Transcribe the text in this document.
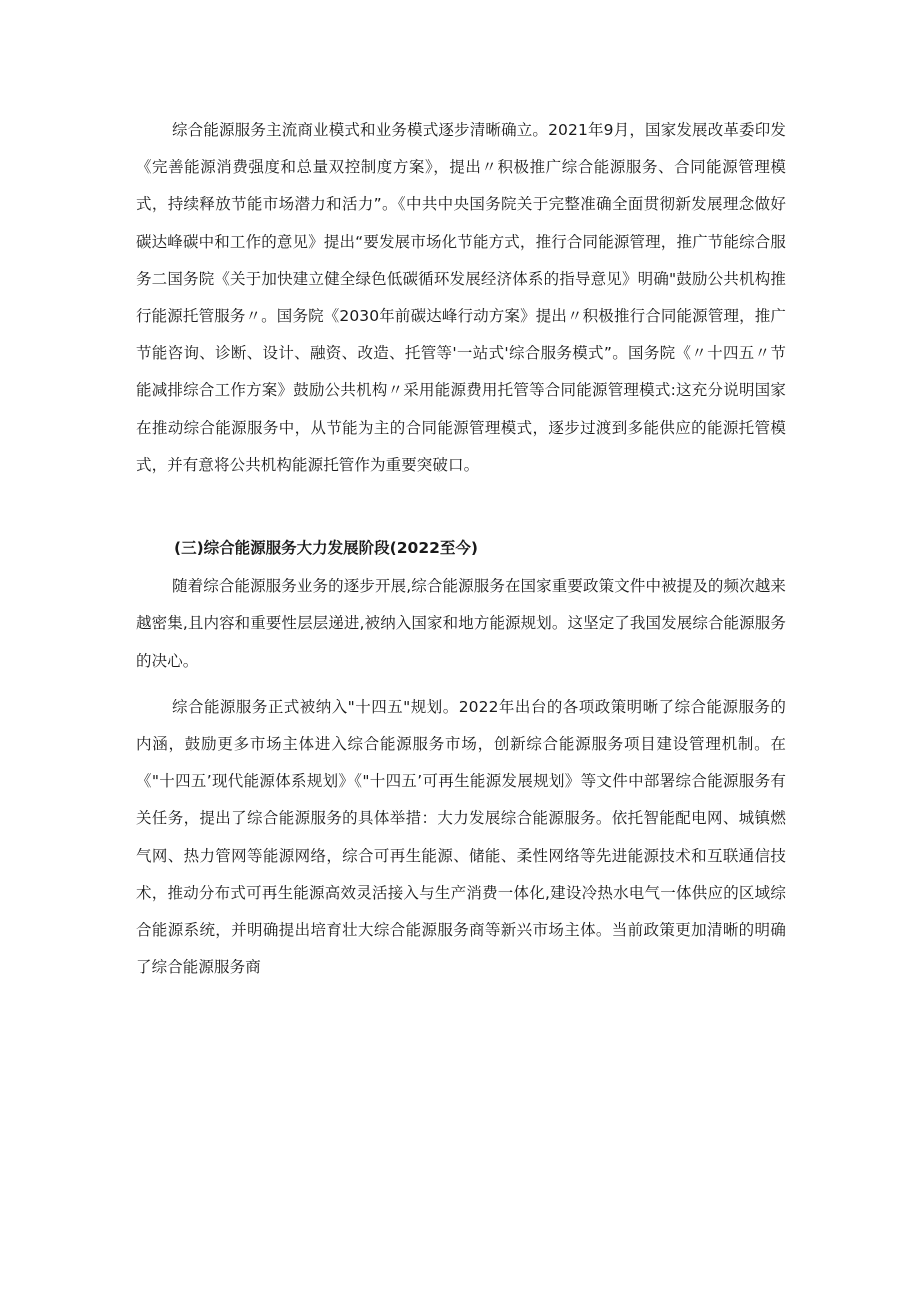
综合能源服务主流商业模式和业务模式逐步清晰确立。2021年9月，国家发展改革委印发《完善能源消费强度和总量双控制度方案》，提出〃积极推广综合能源服务、合同能源管理模式，持续释放节能市场潜力和活力”。《中共中央国务院关于完整准确全面贯彻新发展理念做好碳达峰碳中和工作的意见》提出“要发展市场化节能方式，推行合同能源管理，推广节能综合服务二国务院《关于加快建立健全绿色低碳循环发展经济体系的指导意见》明确"鼓励公共机构推行能源托管服务〃。国务院《2030年前碳达峰行动方案》提出〃积极推行合同能源管理，推广节能咨询、诊断、设计、融资、改造、托管等'一站式'综合服务模式”。国务院《〃十四五〃节能减排综合工作方案》鼓励公共机构〃采用能源费用托管等合同能源管理模式:这充分说明国家在推动综合能源服务中，从节能为主的合同能源管理模式，逐步过渡到多能供应的能源托管模式，并有意将公共机构能源托管作为重要突破口。

(三)综合能源服务大力发展阶段(2022至今)

随着综合能源服务业务的逐步开展,综合能源服务在国家重要政策文件中被提及的频次越来越密集,且内容和重要性层层递进,被纳入国家和地方能源规划。这坚定了我国发展综合能源服务的决心。

综合能源服务正式被纳入"十四五"规划。2022年出台的各项政策明晰了综合能源服务的内涵，鼓励更多市场主体进入综合能源服务市场，创新综合能源服务项目建设管理机制。在《"十四五’现代能源体系规划》《"十四五’可再生能源发展规划》等文件中部署综合能源服务有关任务，提出了综合能源服务的具体举措：大力发展综合能源服务。依托智能配电网、城镇燃气网、热力管网等能源网络，综合可再生能源、储能、柔性网络等先进能源技术和互联通信技术，推动分布式可再生能源高效灵活接入与生产消费一体化,建设冷热水电气一体供应的区域综合能源系统，并明确提出培育壮大综合能源服务商等新兴市场主体。当前政策更加清晰的明确了综合能源服务商
